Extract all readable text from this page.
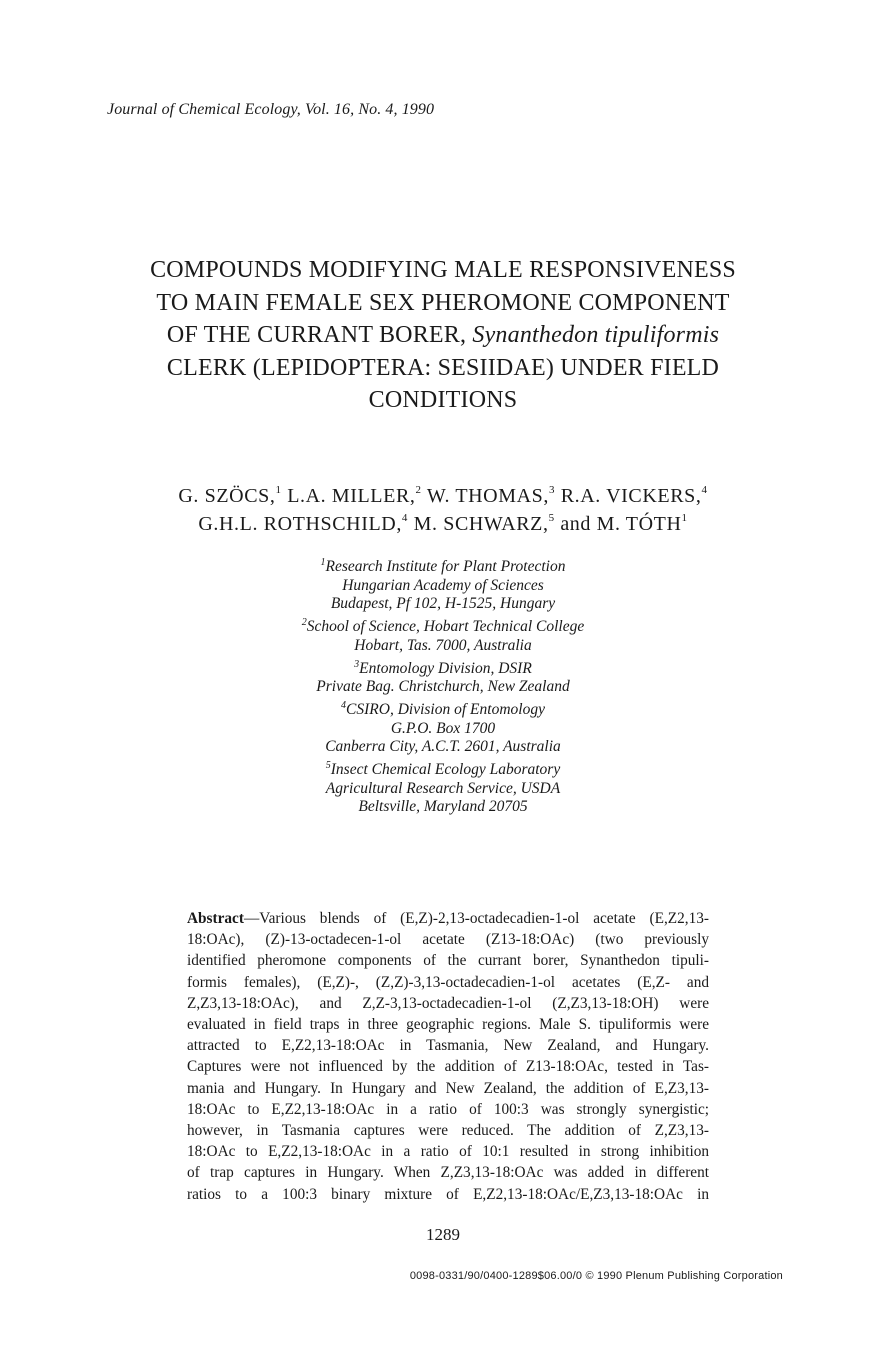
Journal of Chemical Ecology, Vol. 16, No. 4, 1990
COMPOUNDS MODIFYING MALE RESPONSIVENESS
TO MAIN FEMALE SEX PHEROMONE COMPONENT
OF THE CURRANT BORER, Synanthedon tipuliformis
CLERK (LEPIDOPTERA: SESIIDAE) UNDER FIELD
CONDITIONS
G. SZÖCS,$^1$ L.A. MILLER,$^2$ W. THOMAS,$^3$ R.A. VICKERS,$^4$
G.H.L. ROTHSCHILD,$^4$ M. SCHWARZ,$^5$ and M. TÓTH$^1$
$^1$Research Institute for Plant Protection
Hungarian Academy of Sciences
Budapest, Pf 102, H-1525, Hungary
$^2$School of Science, Hobart Technical College
Hobart, Tas. 7000, Australia
$^3$Entomology Division, DSIR
Private Bag. Christchurch, New Zealand
$^4$CSIRO, Division of Entomology
G.P.O. Box 1700
Canberra City, A.C.T. 2601, Australia
$^5$Insect Chemical Ecology Laboratory
Agricultural Research Service, USDA
Beltsville, Maryland 20705
Abstract—Various blends of (E,Z)-2,13-octadecadien-1-ol acetate (E,Z2,13-
18:OAc), (Z)-13-octadecen-1-ol acetate (Z13-18:OAc) (two previously
identified pheromone components of the currant borer, Synanthedon tipuli-
formis females), (E,Z)-, (Z,Z)-3,13-octadecadien-1-ol acetates (E,Z- and
Z,Z3,13-18:OAc), and Z,Z-3,13-octadecadien-1-ol (Z,Z3,13-18:OH) were
evaluated in field traps in three geographic regions. Male S. tipuliformis were
attracted to E,Z2,13-18:OAc in Tasmania, New Zealand, and Hungary.
Captures were not influenced by the addition of Z13-18:OAc, tested in Tas-
mania and Hungary. In Hungary and New Zealand, the addition of E,Z3,13-
18:OAc to E,Z2,13-18:OAc in a ratio of 100:3 was strongly synergistic;
however, in Tasmania captures were reduced. The addition of Z,Z3,13-
18:OAc to E,Z2,13-18:OAc in a ratio of 10:1 resulted in strong inhibition
of trap captures in Hungary. When Z,Z3,13-18:OAc was added in different
ratios to a 100:3 binary mixture of E,Z2,13-18:OAc/E,Z3,13-18:OAc in
1289
0098-0331/90/0400-1289$06.00/0 © 1990 Plenum Publishing Corporation
